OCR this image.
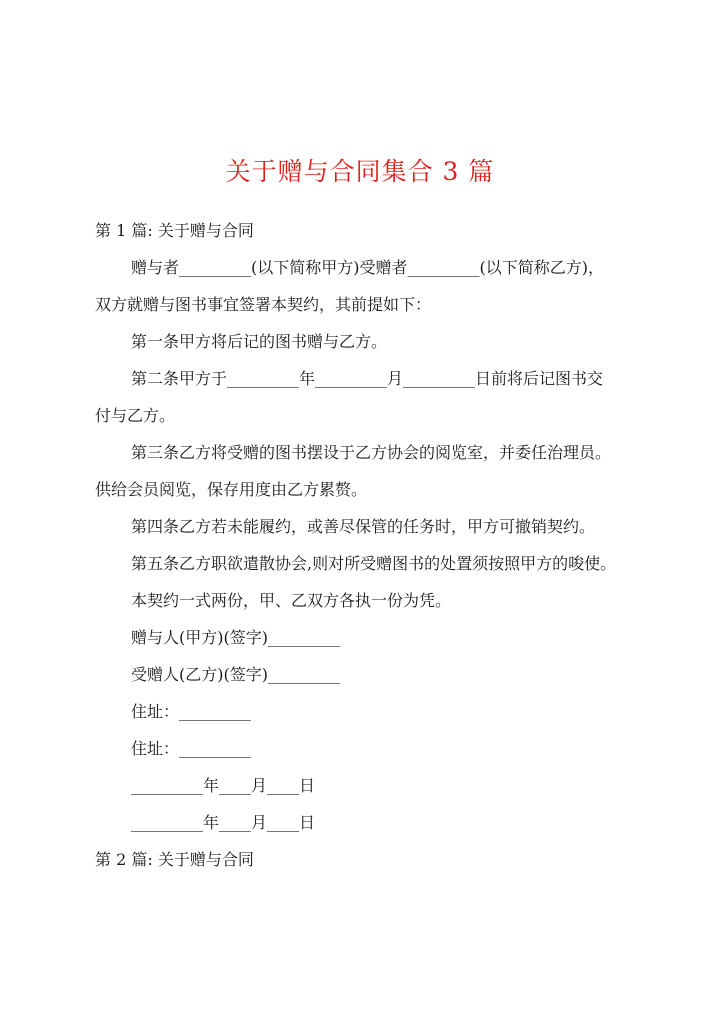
关于赠与合同集合 3 篇

第 1 篇: 关于赠与合同

赠与者_________(以下简称甲方)受赠者_________(以下简称乙方)，

双方就赠与图书事宜签署本契约，其前提如下：

第一条甲方将后记的图书赠与乙方。

第二条甲方于_________年_________月_________日前将后记图书交

付与乙方。

第三条乙方将受赠的图书摆设于乙方协会的阅览室，并委任治理员。

供给会员阅览，保存用度由乙方累赘。

第四条乙方若未能履约，或善尽保管的任务时，甲方可撤销契约。

第五条乙方职欲遣散协会,则对所受赠图书的处置须按照甲方的唆使。

本契约一式两份，甲、乙双方各执一份为凭。

赠与人(甲方)(签字)_________

受赠人(乙方)(签字)_________

住址：_________

住址：_________

_________年____月____日

_________年____月____日

第 2 篇: 关于赠与合同
